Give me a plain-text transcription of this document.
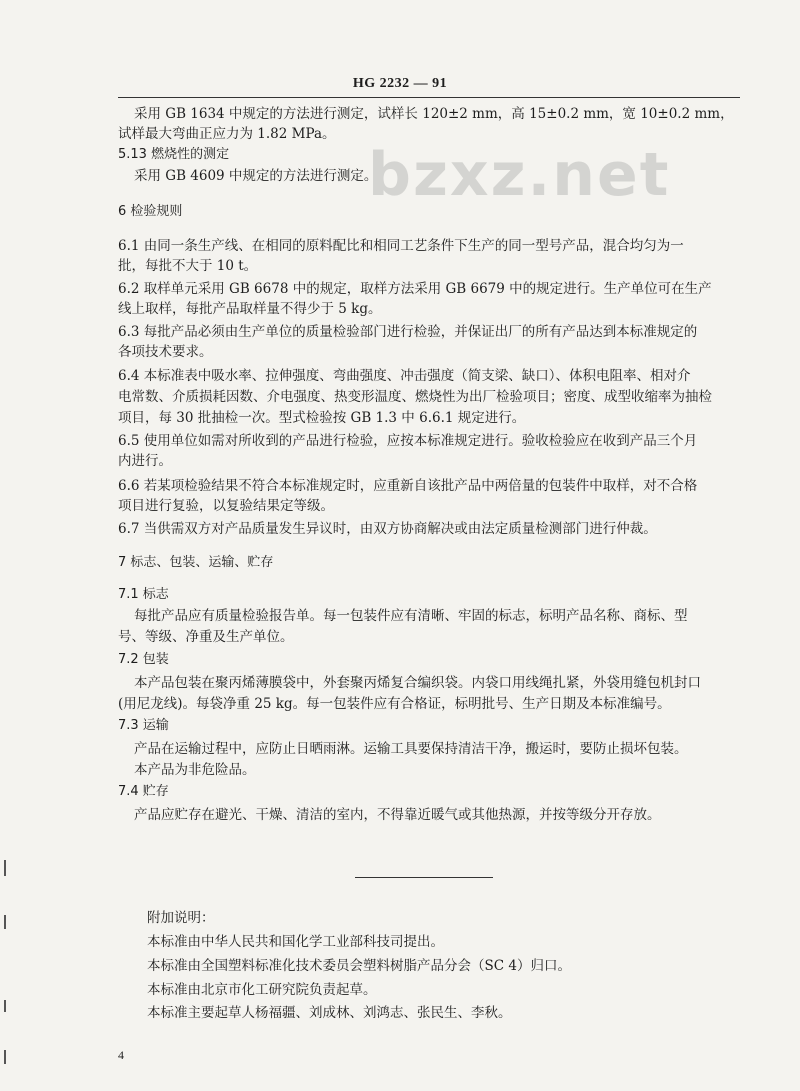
HG 2232 — 91
bzxz.net
采用 GB 1634 中规定的方法进行测定，试样长 120±2 mm，高 15±0.2 mm，宽 10±0.2 mm，
试样最大弯曲正应力为 1.82 MPa。
5.13 燃烧性的测定
采用 GB 4609 中规定的方法进行测定。
6 检验规则
6.1 由同一条生产线、在相同的原料配比和相同工艺条件下生产的同一型号产品，混合均匀为一
批，每批不大于 10 t。
6.2 取样单元采用 GB 6678 中的规定，取样方法采用 GB 6679 中的规定进行。生产单位可在生产
线上取样，每批产品取样量不得少于 5 kg。
6.3 每批产品必须由生产单位的质量检验部门进行检验，并保证出厂的所有产品达到本标准规定的
各项技术要求。
6.4 本标准表中吸水率、拉伸强度、弯曲强度、冲击强度（简支梁、缺口）、体积电阻率、相对介
电常数、介质损耗因数、介电强度、热变形温度、燃烧性为出厂检验项目；密度、成型收缩率为抽检
项目，每 30 批抽检一次。型式检验按 GB 1.3 中 6.6.1 规定进行。
6.5 使用单位如需对所收到的产品进行检验，应按本标准规定进行。验收检验应在收到产品三个月
内进行。
6.6 若某项检验结果不符合本标准规定时，应重新自该批产品中两倍量的包装件中取样，对不合格
项目进行复验，以复验结果定等级。
6.7 当供需双方对产品质量发生异议时，由双方协商解决或由法定质量检测部门进行仲裁。
7 标志、包装、运输、贮存
7.1 标志
每批产品应有质量检验报告单。每一包装件应有清晰、牢固的标志，标明产品名称、商标、型
号、等级、净重及生产单位。
7.2 包装
本产品包装在聚丙烯薄膜袋中，外套聚丙烯复合编织袋。内袋口用线绳扎紧，外袋用缝包机封口
(用尼龙线)。每袋净重 25 kg。每一包装件应有合格证，标明批号、生产日期及本标准编号。
7.3 运输
产品在运输过程中，应防止日晒雨淋。运输工具要保持清洁干净，搬运时，要防止损坏包装。
本产品为非危险品。
7.4 贮存
产品应贮存在避光、干燥、清洁的室内，不得靠近暖气或其他热源，并按等级分开存放。
附加说明：
本标准由中华人民共和国化学工业部科技司提出。
本标准由全国塑料标准化技术委员会塑料树脂产品分会（SC 4）归口。
本标准由北京市化工研究院负责起草。
本标准主要起草人杨福疆、刘成林、刘鸿志、张民生、李秋。
4
